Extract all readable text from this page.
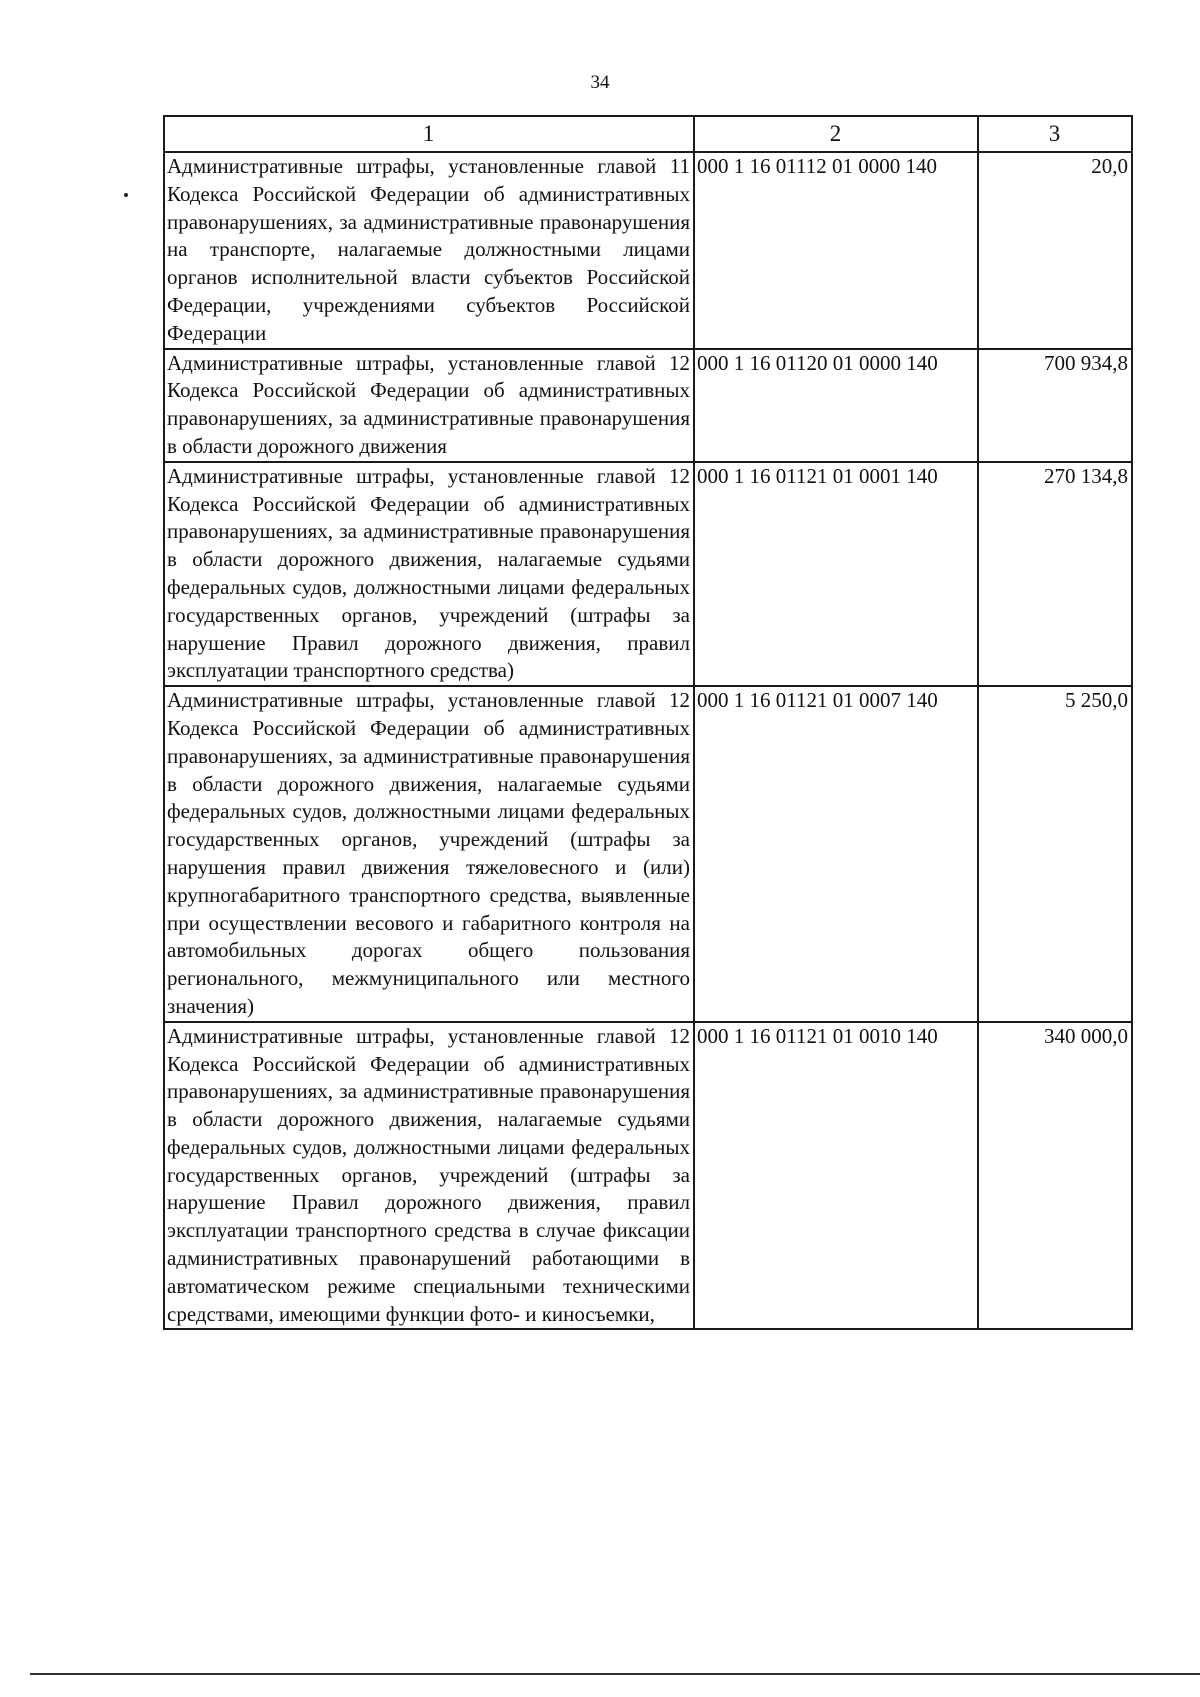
34
1	2	3
Административные штрафы, установленные главой 11 Кодекса Российской Федерации об административных правонарушениях, за административные правонарушения на транспорте, налагаемые должностными лицами органов исполнительной власти субъектов Российской Федерации, учреждениями субъектов Российской Федерации	000 1 16 01112 01 0000 140	20,0
Административные штрафы, установленные главой 12 Кодекса Российской Федерации об административных правонарушениях, за административные правонарушения в области дорожного движения	000 1 16 01120 01 0000 140	700 934,8
Административные штрафы, установленные главой 12 Кодекса Российской Федерации об административных правонарушениях, за административные правонарушения в области дорожного движения, налагаемые судьями федеральных судов, должностными лицами федеральных государственных органов, учреждений (штрафы за нарушение Правил дорожного движения, правил эксплуатации транспортного средства)	000 1 16 01121 01 0001 140	270 134,8
Административные штрафы, установленные главой 12 Кодекса Российской Федерации об административных правонарушениях, за административные правонарушения в области дорожного движения, налагаемые судьями федеральных судов, должностными лицами федеральных государственных органов, учреждений (штрафы за нарушения правил движения тяжеловесного и (или) крупногабаритного транспортного средства, выявленные при осуществлении весового и габаритного контроля на автомобильных дорогах общего пользования регионального, межмуниципального или местного значения)	000 1 16 01121 01 0007 140	5 250,0
Административные штрафы, установленные главой 12 Кодекса Российской Федерации об административных правонарушениях, за административные правонарушения в области дорожного движения, налагаемые судьями федеральных судов, должностными лицами федеральных государственных органов, учреждений (штрафы за нарушение Правил дорожного движения, правил эксплуатации транспортного средства в случае фиксации административных правонарушений работающими в автоматическом режиме специальными техническими средствами, имеющими функции фото- и киносъемки,	000 1 16 01121 01 0010 140	340 000,0
